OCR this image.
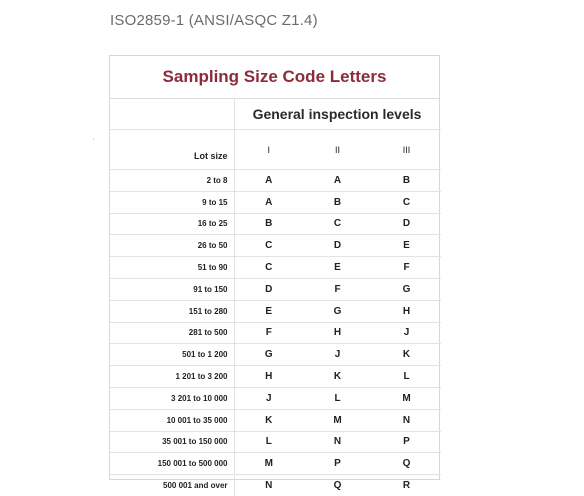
ISO2859-1 (ANSI/ASQC Z1.4)
'
Sampling Size Code Letters
General inspection levels
Lot size	I	II	III
2 to 8	A	A	B
9 to 15	A	B	C
16 to 25	B	C	D
26 to 50	C	D	E
51 to 90	C	E	F
91 to 150	D	F	G
151 to 280	E	G	H
281 to 500	F	H	J
501 to 1 200	G	J	K
1 201 to 3 200	H	K	L
3 201 to 10 000	J	L	M
10 001 to 35 000	K	M	N
35 001 to 150 000	L	N	P
150 001 to 500 000	M	P	Q
500 001 and over	N	Q	R
